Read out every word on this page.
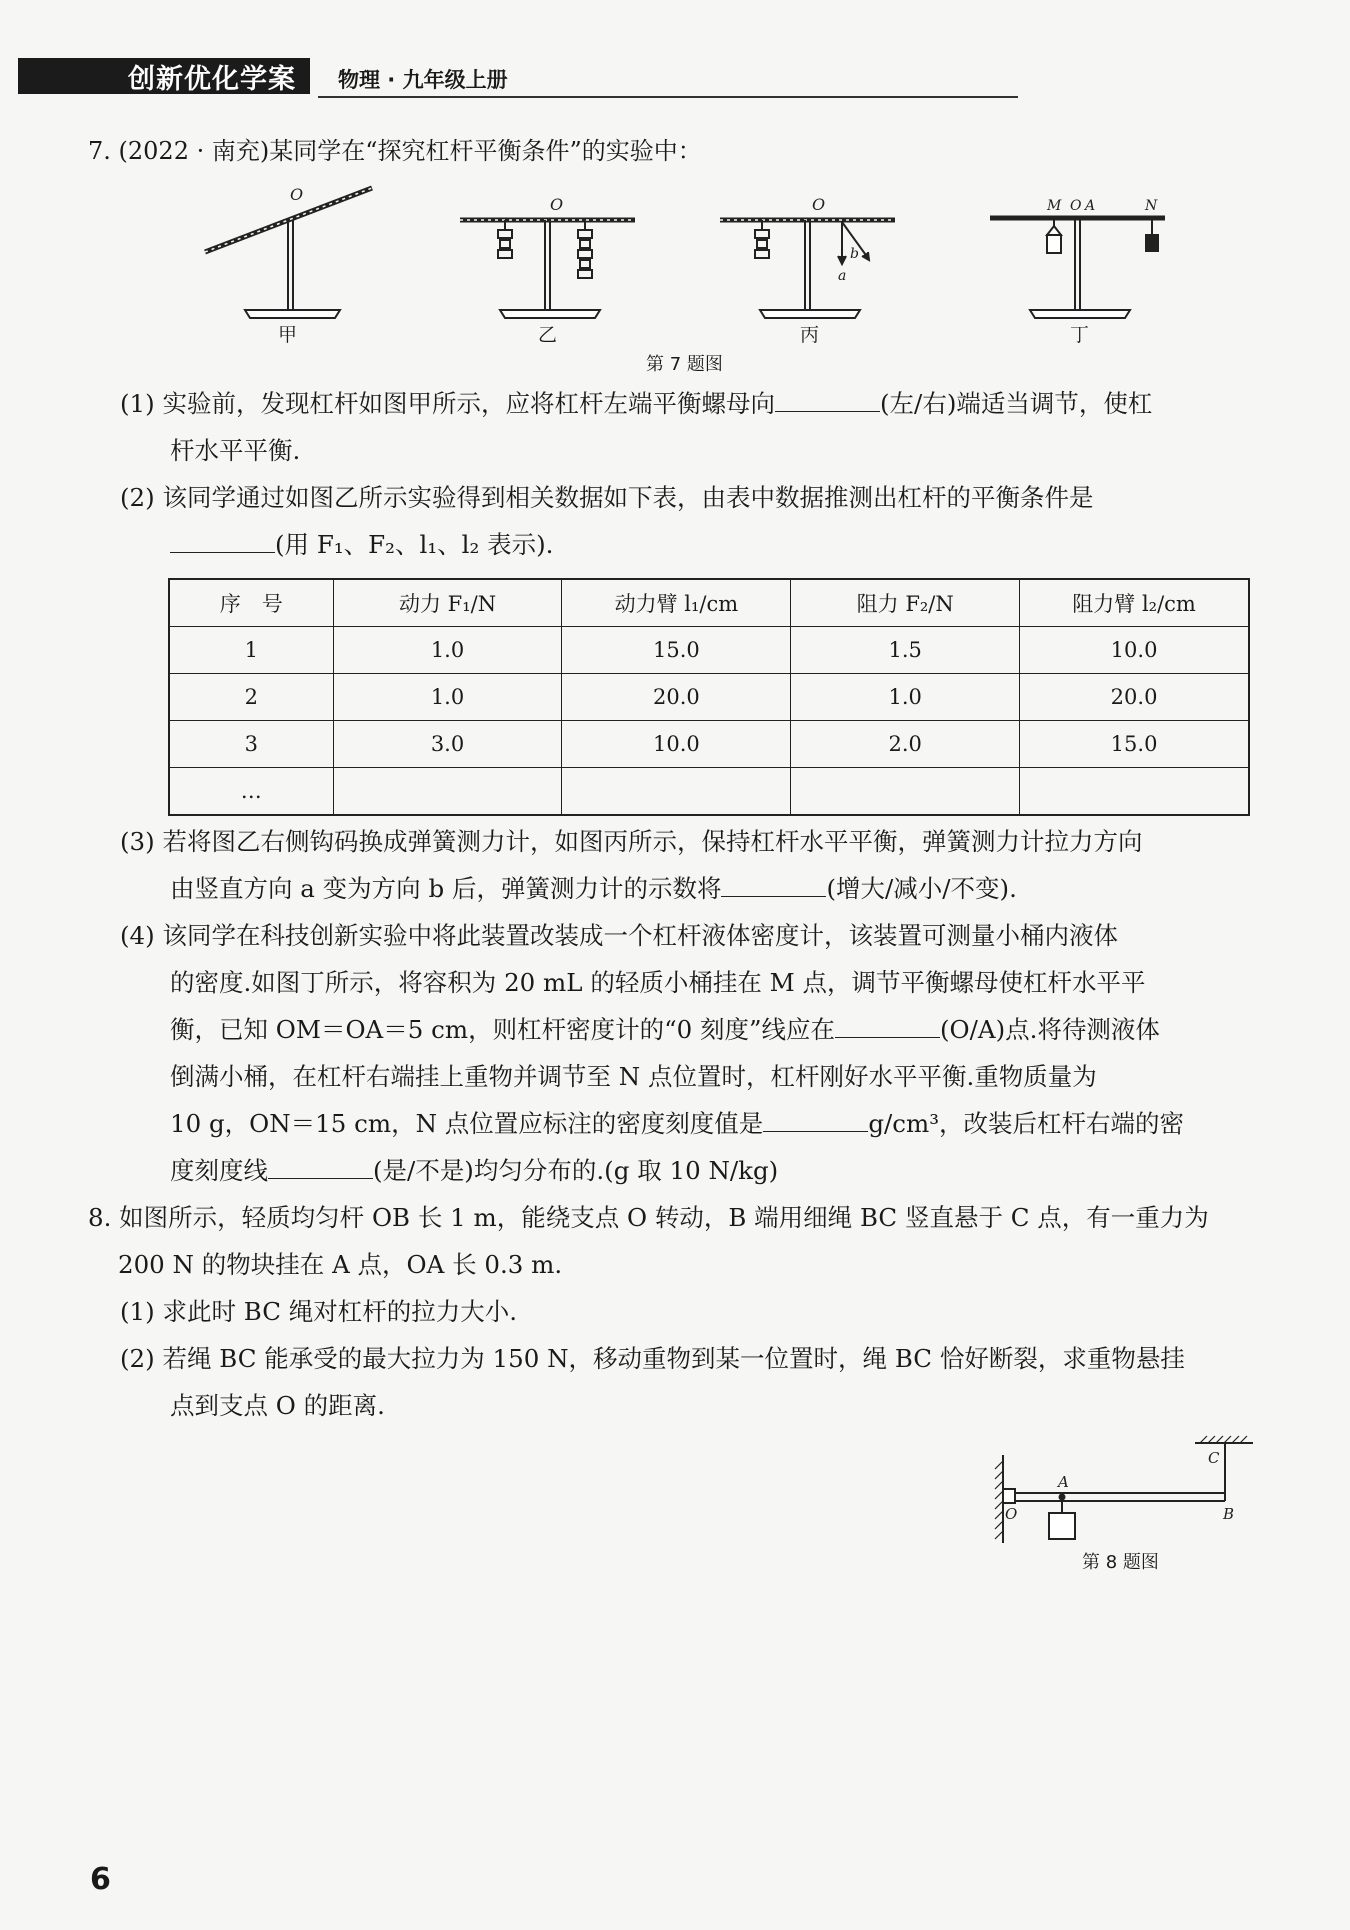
创新优化学案	物理 · 九年级上册
7. (2022 · 南充)某同学在“探究杠杆平衡条件”的实验中：
O
O	O
b
a
M O A	N
甲	乙	丙	丁
第 7 题图
(1) 实验前，发现杠杆如图甲所示，应将杠杆左端平衡螺母向	(左/右)端适当调节，使杠
杆水平平衡.
(2) 该同学通过如图乙所示实验得到相关数据如下表，由表中数据推测出杠杆的平衡条件是
(用 F₁、F₂、l₁、l₂ 表示).
序　号	动力 F₁/N	动力臂 l₁/cm	阻力 F₂/N	阻力臂 l₂/cm
1	1.0	15.0	1.5	10.0
2	1.0	20.0	1.0	20.0
3	3.0	10.0	2.0	15.0
…				
(3) 若将图乙右侧钩码换成弹簧测力计，如图丙所示，保持杠杆水平平衡，弹簧测力计拉力方向
由竖直方向 a 变为方向 b 后，弹簧测力计的示数将	(增大/减小/不变).
(4) 该同学在科技创新实验中将此装置改装成一个杠杆液体密度计，该装置可测量小桶内液体
的密度.如图丁所示，将容积为 20 mL 的轻质小桶挂在 M 点，调节平衡螺母使杠杆水平平
衡，已知 OM＝OA＝5 cm，则杠杆密度计的“0 刻度”线应在	(O/A)点.将待测液体
倒满小桶，在杠杆右端挂上重物并调节至 N 点位置时，杠杆刚好水平平衡.重物质量为
10 g，ON＝15 cm，N 点位置应标注的密度刻度值是	g/cm³，改装后杠杆右端的密
度刻度线	(是/不是)均匀分布的.(g 取 10 N/kg)
8. 如图所示，轻质均匀杆 OB 长 1 m，能绕支点 O 转动，B 端用细绳 BC 竖直悬于 C 点，有一重力为
200 N 的物块挂在 A 点，OA 长 0.3 m.
(1) 求此时 BC 绳对杠杆的拉力大小.
(2) 若绳 BC 能承受的最大拉力为 150 N，移动重物到某一位置时，绳 BC 恰好断裂，求重物悬挂
点到支点 O 的距离.
A
B
C
O
第 8 题图
6
